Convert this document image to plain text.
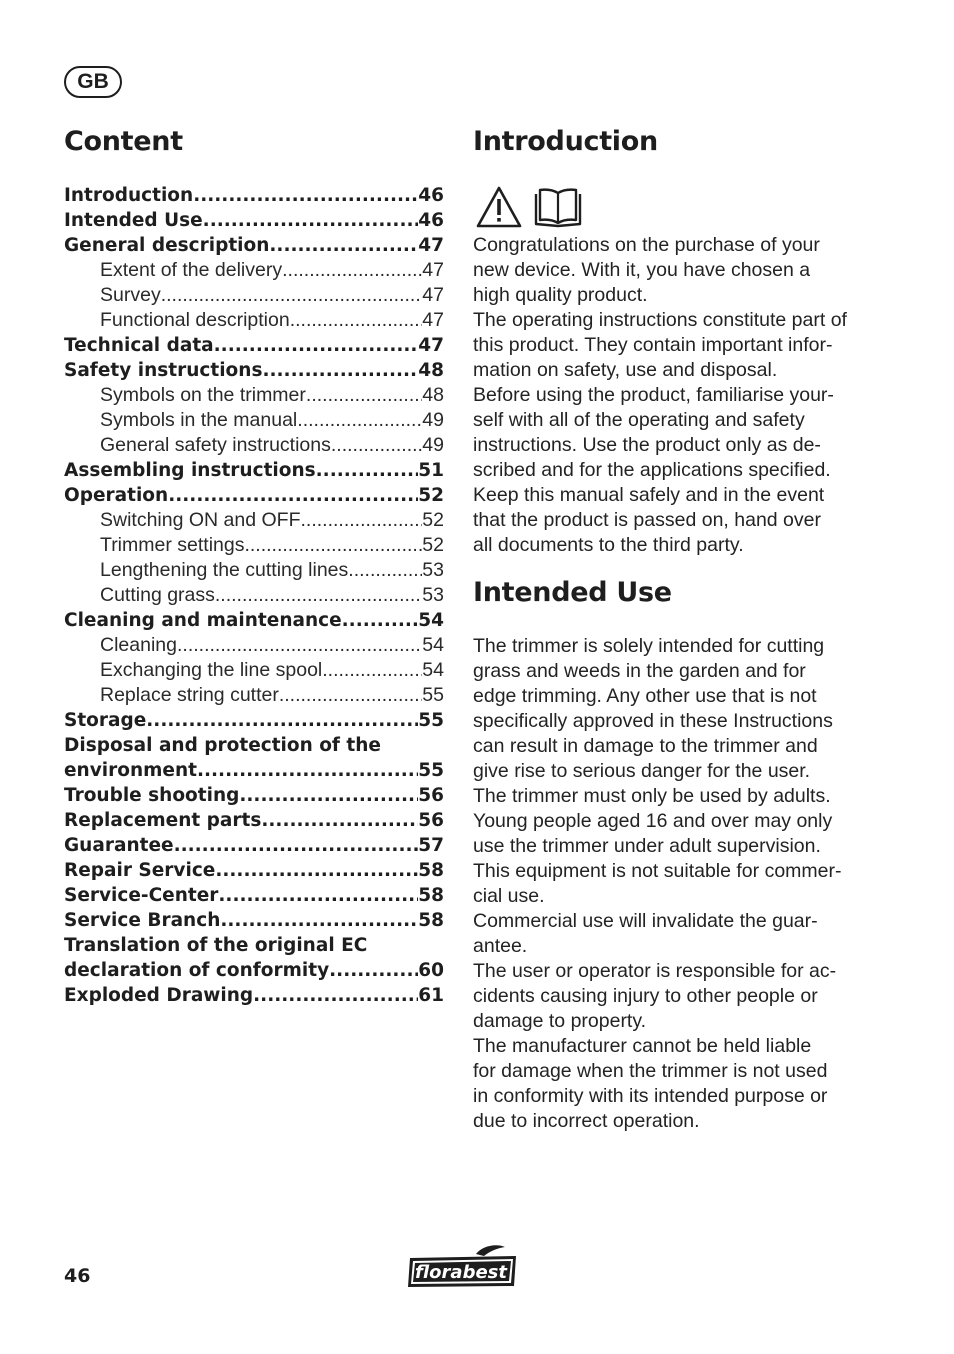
GB
Content
Introduction .....	46
Intended Use .....	46
General description .....	47
Extent of the delivery .....	47
Survey .....	47
Functional description .....	47
Technical data .....	47
Safety instructions .....	48
Symbols on the trimmer .....	48
Symbols in the manual .....	49
General safety instructions .....	49
Assembling instructions .....	51
Operation .....	52
Switching ON and OFF .....	52
Trimmer settings .....	52
Lengthening the cutting lines .....	53
Cutting grass .....	53
Cleaning and maintenance .....	54
Cleaning .....	54
Exchanging the line spool .....	54
Replace string cutter .....	55
Storage .....	55
Disposal and protection of the
environment .....	55
Trouble shooting .....	56
Replacement parts .....	56
Guarantee .....	57
Repair Service .....	58
Service-Center .....	58
Service Branch .....	58
Translation of the original EC
declaration of conformity .....	60
Exploded Drawing .....	61
Introduction

Congratulations on the purchase of your

new device. With it, you have chosen a

high quality product.

The operating instructions constitute part of

this product. They contain important infor-

mation on safety, use and disposal.

Before using the product, familiarise your-

self with all of the operating and safety

instructions. Use the product only as de-

scribed and for the applications specified.

Keep this manual safely and in the event

that the product is passed on, hand over

all documents to the third party.

Intended Use

The trimmer is solely intended for cutting

grass and weeds in the garden and for

edge trimming. Any other use that is not

specifically approved in these Instructions

can result in damage to the trimmer and

give rise to serious danger for the user.

The trimmer must only be used by adults.

Young people aged 16 and over may only

use the trimmer under adult supervision.

This equipment is not suitable for commer-

cial use.

Commercial use will invalidate the guar-

antee.

The user or operator is responsible for ac-

cidents causing injury to other people or

damage to property.

The manufacturer cannot be held liable

for damage when the trimmer is not used

in conformity with its intended purpose or

due to incorrect operation.

46	florabest
